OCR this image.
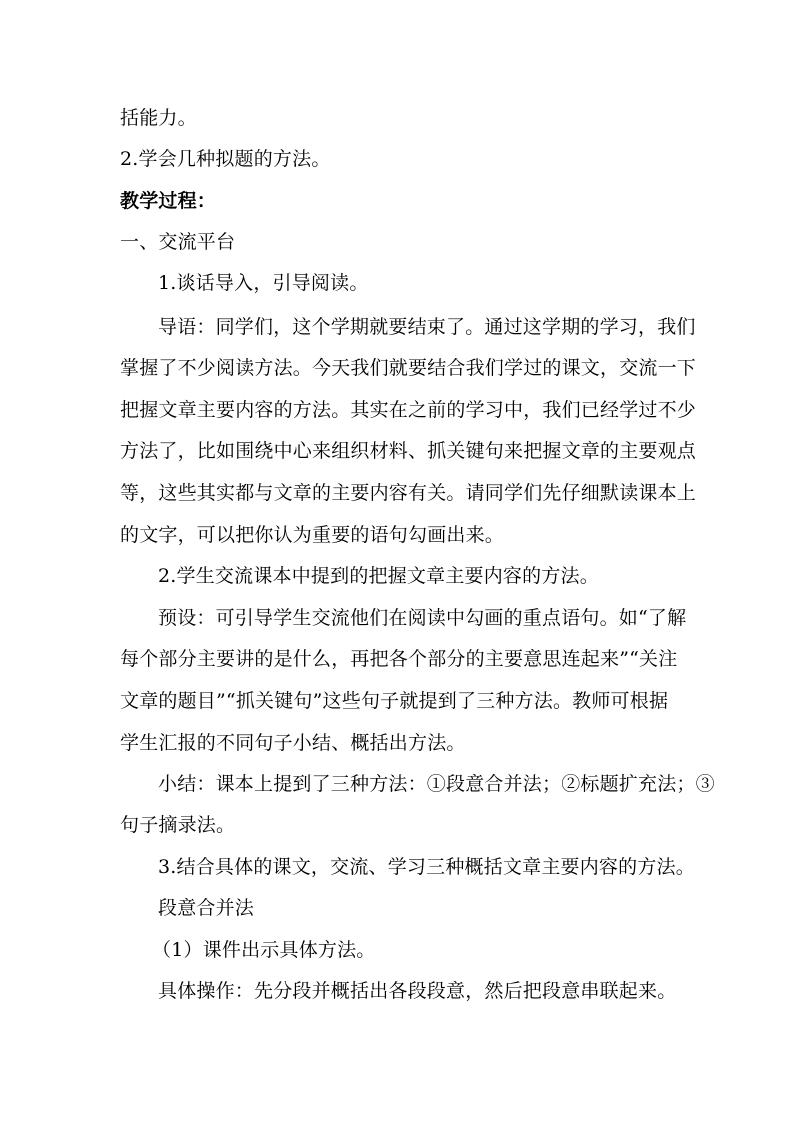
括能力。
2.学会几种拟题的方法。
教学过程：
一、交流平台
1.谈话导入，引导阅读。
导语：同学们，这个学期就要结束了。通过这学期的学习，我们
掌握了不少阅读方法。今天我们就要结合我们学过的课文，交流一下
把握文章主要内容的方法。其实在之前的学习中，我们已经学过不少
方法了，比如围绕中心来组织材料、抓关键句来把握文章的主要观点
等，这些其实都与文章的主要内容有关。请同学们先仔细默读课本上
的文字，可以把你认为重要的语句勾画出来。
2.学生交流课本中提到的把握文章主要内容的方法。
预设：可引导学生交流他们在阅读中勾画的重点语句。如“了解
每个部分主要讲的是什么，再把各个部分的主要意思连起来”“关注
文章的题目”“抓关键句”这些句子就提到了三种方法。教师可根据
学生汇报的不同句子小结、概括出方法。
小结：课本上提到了三种方法：①段意合并法；②标题扩充法；③
句子摘录法。
3.结合具体的课文，交流、学习三种概括文章主要内容的方法。
段意合并法
（1）课件出示具体方法。
具体操作：先分段并概括出各段段意，然后把段意串联起来。
